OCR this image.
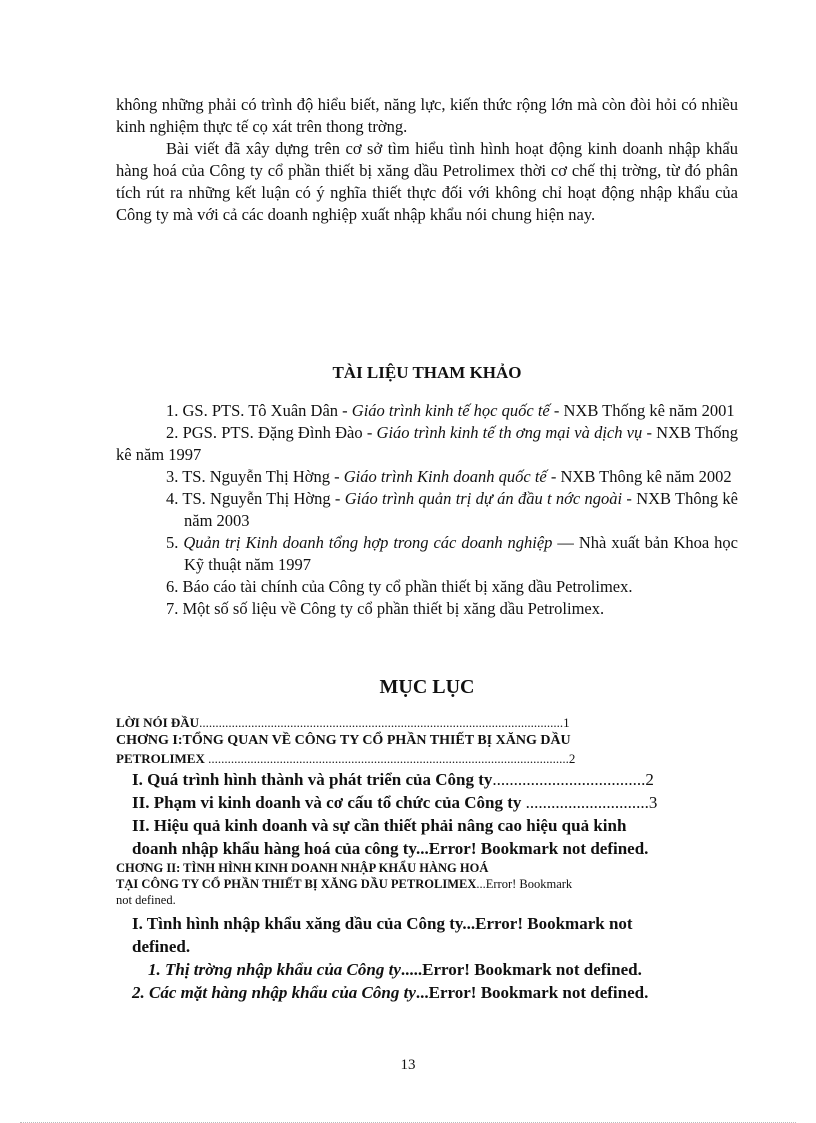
không những phải có trình độ hiểu biết, năng lực, kiến thức rộng lớn mà còn đòi hỏi có nhiều kinh nghiệm thực tế cọ xát trên thong trờng.

Bài viết đã xây dựng trên cơ sở tìm hiểu tình hình hoạt động kinh doanh nhập khẩu hàng hoá của Công ty cổ phần thiết bị xăng dầu Petrolimex thời cơ chế thị trờng, từ đó phân tích rút ra những kết luận có ý nghĩa thiết thực đối với không chỉ hoạt động nhập khẩu của Công ty mà với cả các doanh nghiệp xuất nhập khẩu nói chung hiện nay.

TÀI LIỆU THAM KHẢO

1. GS. PTS. Tô Xuân Dân - Giáo trình kinh tế học quốc tế - NXB Thống kê năm 2001

2. PGS. PTS. Đặng Đình Đào - Giáo trình kinh tế th ơng mại và dịch vụ - NXB Thống kê năm 1997

3. TS. Nguyễn Thị Hờng - Giáo trình Kinh doanh quốc tế - NXB Thông kê năm 2002

4. TS. Nguyễn Thị Hờng - Giáo trình quản trị dự án đầu t nớc ngoài - NXB Thông kê năm 2003

5. Quản trị Kinh doanh tổng hợp trong các doanh nghiệp — Nhà xuất bản Khoa học Kỹ thuật năm 1997

6. Báo cáo tài chính của Công ty cổ phần thiết bị xăng dầu Petrolimex.

7. Một số số liệu về Công ty cổ phần thiết bị xăng dầu Petrolimex.

MỤC LỤC

LỜI NÓI ĐẦU................................................................................................................1
CHƠNG I:TỔNG QUAN VỀ CÔNG TY CỔ PHẦN THIẾT BỊ XĂNG DẦU
PETROLIMEX ...............................................................................................................2
I. Quá trình hình thành và phát triển của Công ty....................................2
II. Phạm vi kinh doanh và cơ cấu tổ chức của Công ty .............................3
II. Hiệu quả kinh doanh và sự cần thiết phải nâng cao hiệu quả kinh
doanh nhập khẩu hàng hoá của công ty...Error! Bookmark not defined.
CHƠNG II: TÌNH HÌNH KINH DOANH NHẬP KHẨU HÀNG HOÁ
TẠI CÔNG TY CỔ PHẦN THIẾT BỊ XĂNG DẦU PETROLIMEX...Error! Bookmark
not defined.
I. Tình hình nhập khẩu xăng dầu của Công ty...Error! Bookmark not
defined.
1. Thị trờng nhập khẩu của Công ty.....Error! Bookmark not defined.
2. Các mặt hàng nhập khẩu của Công ty...Error! Bookmark not defined.
13
